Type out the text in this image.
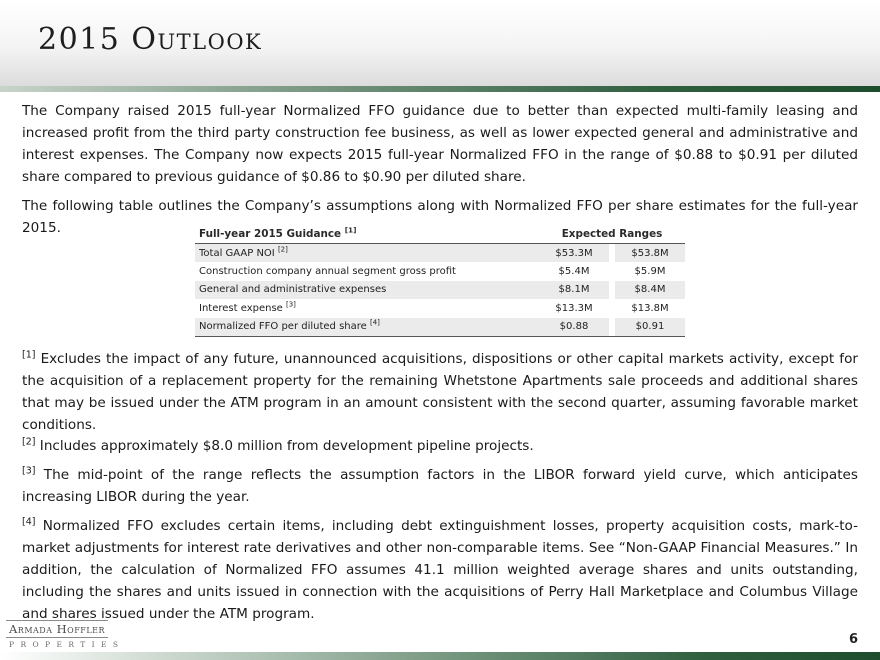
2015 Outlook

The Company raised 2015 full-year Normalized FFO guidance due to better than expected multi-family leasing and increased profit from the third party construction fee business, as well as lower expected general and administrative and interest expenses. The Company now expects 2015 full-year Normalized FFO in the range of $0.88 to $0.91 per diluted share compared to previous guidance of $0.86 to $0.90 per diluted share.

The following table outlines the Company’s assumptions along with Normalized FFO per share estimates for the full-year 2015.	Full-year 2015 Guidance [1]	Expected Ranges		
Total GAAP NOI [2]	$53.3M		$53.8M
Construction company annual segment gross profit	$5.4M		$5.9M
General and administrative expenses	$8.1M		$8.4M
Interest expense [3]	$13.3M		$13.8M
Normalized FFO per diluted share [4]	$0.88		$0.91

[1] Excludes the impact of any future, unannounced acquisitions, dispositions or other capital markets activity, except for the acquisition of a replacement property for the remaining Whetstone Apartments sale proceeds and additional shares that may be issued under the ATM program in an amount consistent with the second quarter, assuming favorable market conditions.

[2] Includes approximately $8.0 million from development pipeline projects.

[3] The mid-point of the range reflects the assumption factors in the LIBOR forward yield curve, which anticipates increasing LIBOR during the year.

[4] Normalized FFO excludes certain items, including debt extinguishment losses, property acquisition costs, mark-to-market adjustments for interest rate derivatives and other non-comparable items. See “Non-GAAP Financial Measures.” In addition, the calculation of Normalized FFO assumes 41.1 million weighted average shares and units outstanding, including the shares and units issued in connection with the acquisitions of Perry Hall Marketplace and Columbus Village and shares issued under the ATM program.

Armada Hoffler
PROPERTIES	6
